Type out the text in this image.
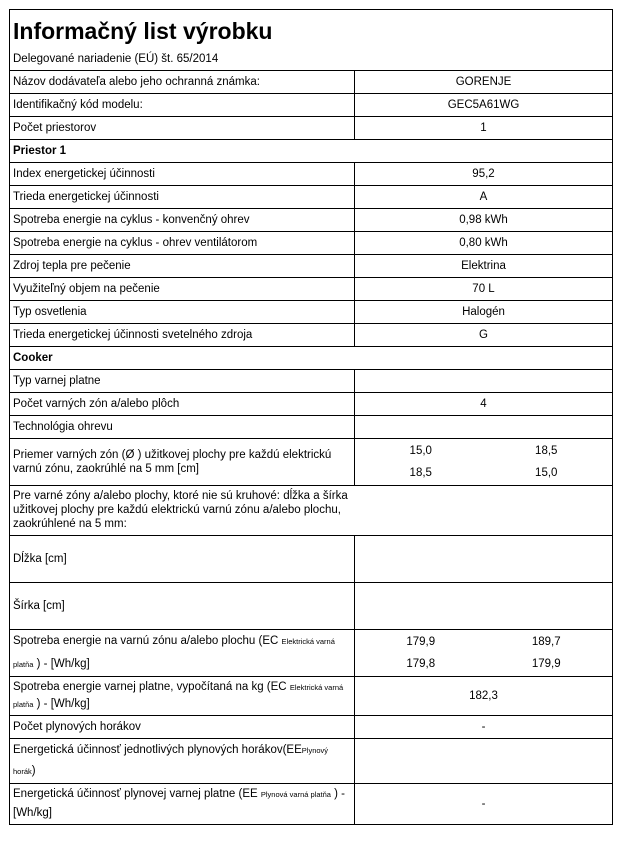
Informačný list výrobku	
Delegované nariadenie (EÚ) št. 65/2014	
Názov dodávateľa alebo jeho ochranná známka:	GORENJE
Identifikačný kód modelu:	GEC5A61WG
Počet priestorov	1
Priestor 1	
Index energetickej účinnosti	95,2
Trieda energetickej účinnosti	A
Spotreba energie na cyklus - konvenčný ohrev	0,98 kWh
Spotreba energie na cyklus - ohrev ventilátorom	0,80 kWh
Zdroj tepla pre pečenie	Elektrina
Využiteľný objem na pečenie	70 L
Typ osvetlenia	Halogén
Trieda energetickej účinnosti svetelného zdroja	G
Cooker	
Typ varnej platne	
Počet varných zón a/alebo plôch	4
Technológia ohrevu	
Priemer varných zón (Ø ) užitkovej plochy pre každú elektrickú varnú zónu, zaokrúhlé na 5 mm [cm]	15,0 18,5
18,5 15,0

Pre varné zóny a/alebo plochy, ktoré nie sú kruhové: dĺžka a šírka užitkovej plochy pre každú elektrickú varnú zónu a/alebo plochu, zaokrúhlené na 5 mm:	
Dĺžka [cm]	
Šírka [cm]	
Spotreba energie na varnú zónu a/alebo plochu (EC Elektrická varná platňa ) - [Wh/kg]	179,9 189,7
179,8 179,9

Spotreba energie varnej platne, vypočítaná na kg (EC Elektrická varná platňa ) - [Wh/kg]	182,3
Počet plynových horákov	-
Energetická účinnosť jednotlivých plynových horákov(EEPlynový
horák)	
Energetická účinnosť plynovej varnej platne (EE Plynová varná platňa ) - [Wh/kg]	-
